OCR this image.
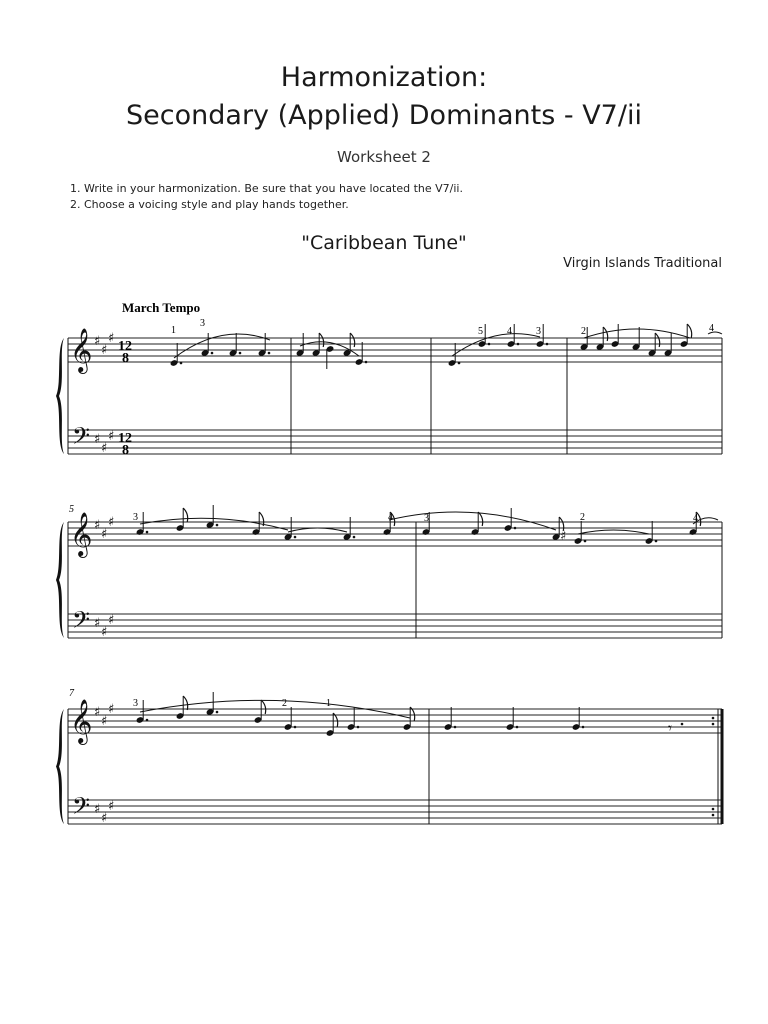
Harmonization:
Secondary (Applied) Dominants - V7/ii
Worksheet 2
1. Write in your harmonization. Be sure that you have located the V7/ii.
2. Choose a voicing style and play hands together.
"Caribbean Tune"
Virgin Islands Traditional
𝄞
𝄢
♯
♯
♯
♯
♯
♯
12
8
12
8
1
3
5 4 3	2	4
𝄞
𝄢
♯
♯
♯
♯
♯
♯
♯
3	4	3	2	4
𝄞
𝄢
♯
♯
♯
♯
♯
♯
𝄾
3	2	1
March Tempo
5
7
